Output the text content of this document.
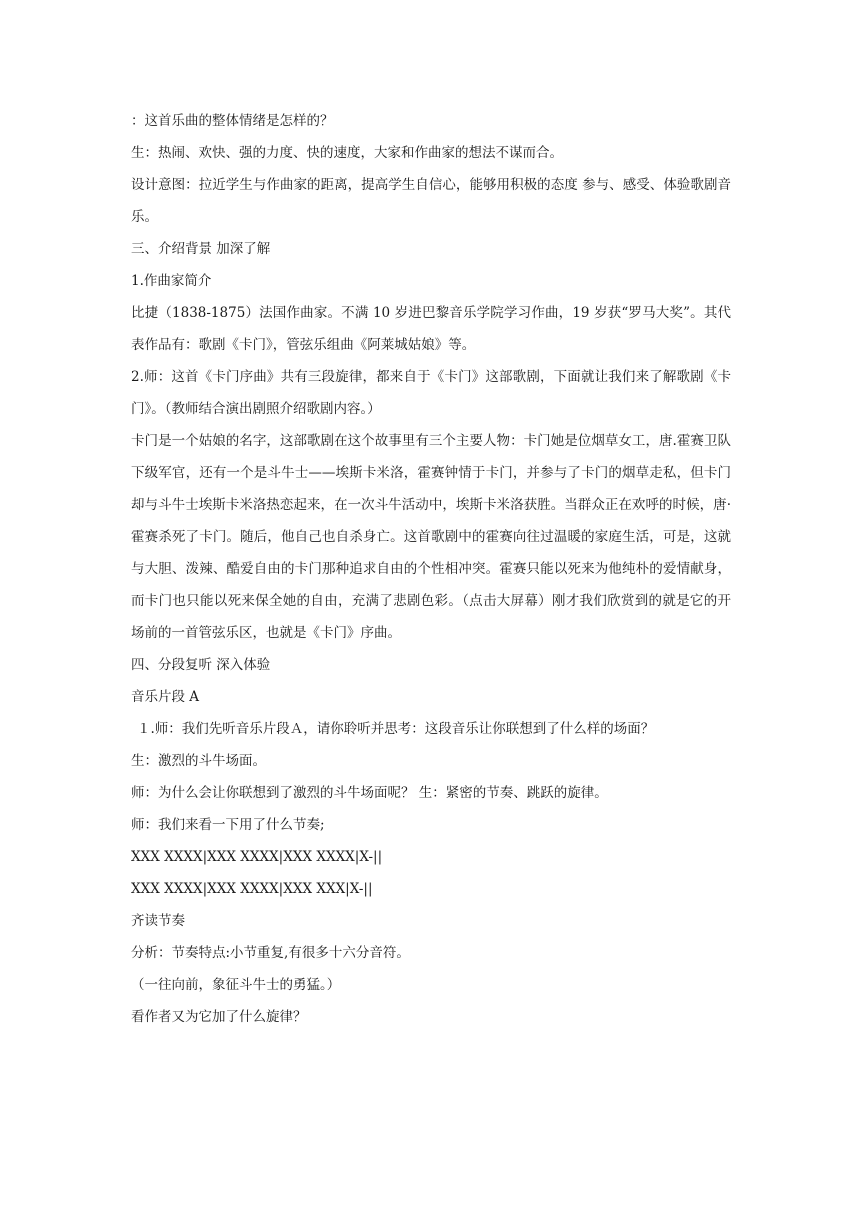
：这首乐曲的整体情绪是怎样的？

生：热闹、欢快、强的力度、快的速度，大家和作曲家的想法不谋而合。

设计意图：拉近学生与作曲家的距离，提高学生自信心，能够用积极的态度 参与、感受、体验歌剧音乐。

三、介绍背景 加深了解

1.作曲家简介

比捷（1838-1875）法国作曲家。不满 10 岁进巴黎音乐学院学习作曲，19 岁获“罗马大奖”。其代表作品有：歌剧《卡门》，管弦乐组曲《阿莱城姑娘》等。

2.师：这首《卡门序曲》共有三段旋律，都来自于《卡门》这部歌剧，下面就让我们来了解歌剧《卡门》。（教师结合演出剧照介绍歌剧内容。）

卡门是一个姑娘的名字，这部歌剧在这个故事里有三个主要人物：卡门她是位烟草女工，唐.霍赛卫队下级军官，还有一个是斗牛士——埃斯卡米洛，霍赛钟情于卡门，并参与了卡门的烟草走私，但卡门却与斗牛士埃斯卡米洛热恋起来，在一次斗牛活动中，埃斯卡米洛获胜。当群众正在欢呼的时候，唐·霍赛杀死了卡门。随后，他自己也自杀身亡。这首歌剧中的霍赛向往过温暖的家庭生活，可是，这就与大胆、泼辣、酷爱自由的卡门那种追求自由的个性相冲突。霍赛只能以死来为他纯朴的爱情献身，而卡门也只能以死来保全她的自由，充满了悲剧色彩。（点击大屏幕）刚才我们欣赏到的就是它的开场前的一首管弦乐区，也就是《卡门》序曲。

四、分段复听 深入体验

音乐片段 A

１.师：我们先听音乐片段Ａ，请你聆听并思考：这段音乐让你联想到了什么样的场面？

生：激烈的斗牛场面。

师：为什么会让你联想到了激烈的斗牛场面呢？ 生：紧密的节奏、跳跃的旋律。

师：我们来看一下用了什么节奏;

XXX XXXX|XXX XXXX|XXX XXXX|X-||

XXX XXXX|XXX XXXX|XXX XXX|X-||

齐读节奏

分析：节奏特点:小节重复,有很多十六分音符。

（一往向前，象征斗牛士的勇猛。）

看作者又为它加了什么旋律？
